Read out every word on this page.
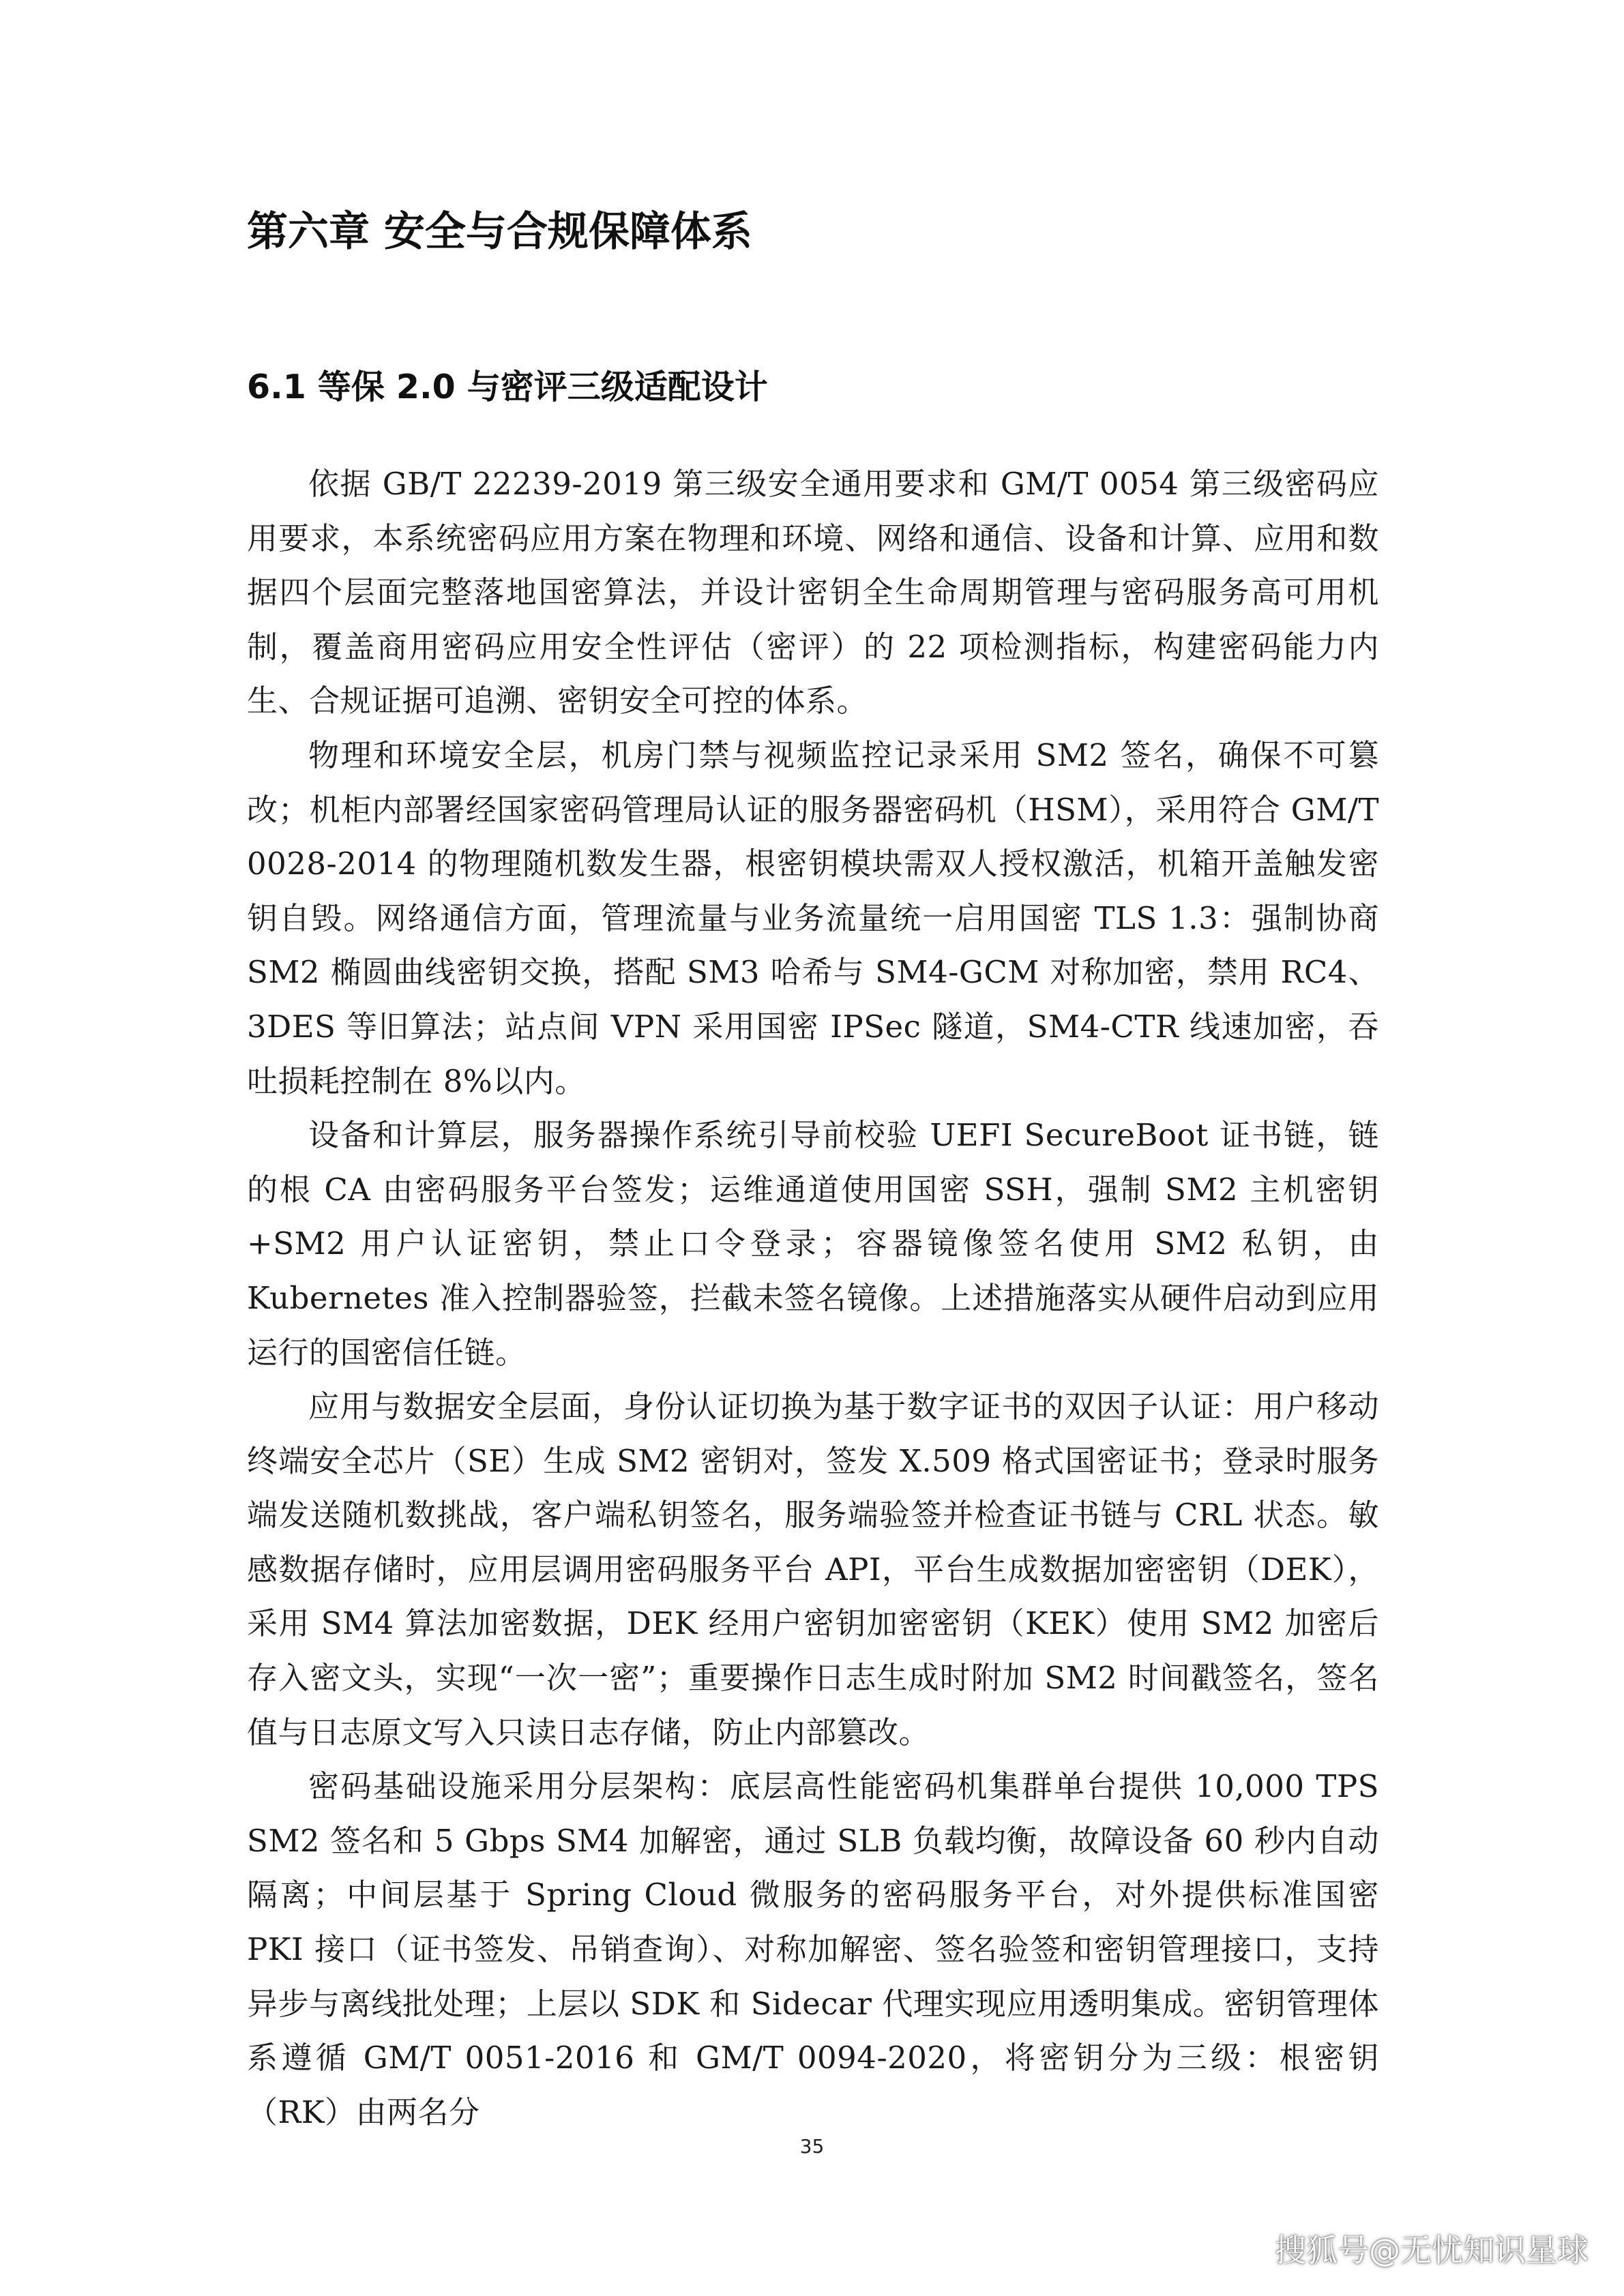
第六章 安全与合规保障体系
6.1 等保 2.0 与密评三级适配设计

依据 GB/T 22239-2019 第三级安全通用要求和 GM/T 0054 第三级密码应用要求，本系统密码应用方案在物理和环境、网络和通信、设备和计算、应用和数据四个层面完整落地国密算法，并设计密钥全生命周期管理与密码服务高可用机制，覆盖商用密码应用安全性评估（密评）的 22 项检测指标，构建密码能力内生、合规证据可追溯、密钥安全可控的体系。

物理和环境安全层，机房门禁与视频监控记录采用 SM2 签名，确保不可篡改；机柜内部署经国家密码管理局认证的服务器密码机（HSM），采用符合 GM/T 0028-2014 的物理随机数发生器，根密钥模块需双人授权激活，机箱开盖触发密钥自毁。网络通信方面，管理流量与业务流量统一启用国密 TLS 1.3：强制协商 SM2 椭圆曲线密钥交换，搭配 SM3 哈希与 SM4-GCM 对称加密，禁用 RC4、3DES 等旧算法；站点间 VPN 采用国密 IPSec 隧道，SM4-CTR 线速加密，吞吐损耗控制在 8%以内。

设备和计算层，服务器操作系统引导前校验 UEFI SecureBoot 证书链，链的根 CA 由密码服务平台签发；运维通道使用国密 SSH，强制 SM2 主机密钥+SM2 用户认证密钥，禁止口令登录；容器镜像签名使用 SM2 私钥，由 Kubernetes 准入控制器验签，拦截未签名镜像。上述措施落实从硬件启动到应用运行的国密信任链。

应用与数据安全层面，身份认证切换为基于数字证书的双因子认证：用户移动终端安全芯片（SE）生成 SM2 密钥对，签发 X.509 格式国密证书；登录时服务端发送随机数挑战，客户端私钥签名，服务端验签并检查证书链与 CRL 状态。敏感数据存储时，应用层调用密码服务平台 API，平台生成数据加密密钥（DEK），采用 SM4 算法加密数据，DEK 经用户密钥加密密钥（KEK）使用 SM2 加密后存入密文头，实现“一次一密”；重要操作日志生成时附加 SM2 时间戳签名，签名值与日志原文写入只读日志存储，防止内部篡改。

密码基础设施采用分层架构：底层高性能密码机集群单台提供 10,000 TPS SM2 签名和 5 Gbps SM4 加解密，通过 SLB 负载均衡，故障设备 60 秒内自动隔离；中间层基于 Spring Cloud 微服务的密码服务平台，对外提供标准国密 PKI 接口（证书签发、吊销查询）、对称加解密、签名验签和密钥管理接口，支持异步与离线批处理；上层以 SDK 和 Sidecar 代理实现应用透明集成。密钥管理体系遵循 GM/T 0051-2016 和 GM/T 0094-2020，将密钥分为三级：根密钥（RK）由两名分

35
搜狐号@无忧知识星球
